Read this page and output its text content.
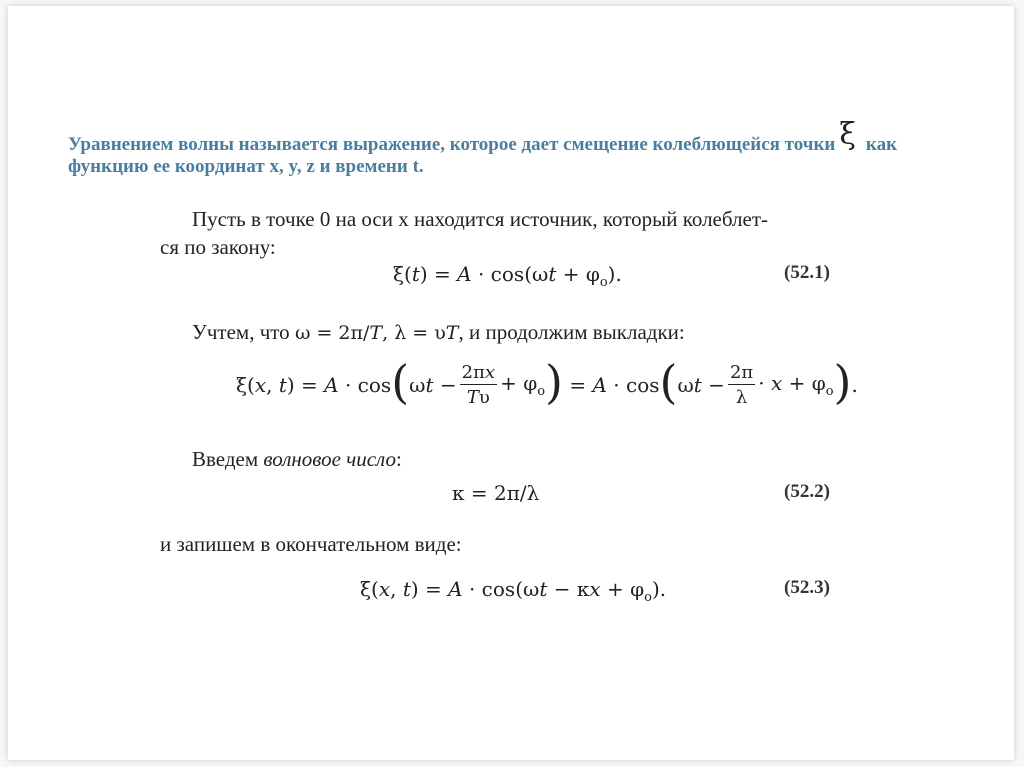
Уравнением волны называется выражение, которое дает смещение колеблющейся точки ξ как
функцию ее координат x, y, z и времени t.
Пусть в точке 0 на оси x находится источник, который колеблет-
ся по закону:
$\xi(t) = A \cdot \cos(\omega t + \varphi_o)$.	(52.1)
Учтем, что ω = 2π/T, λ = υT, и продолжим выкладки:
ξ(x, $t) = A \cdot \cos(\omega t - \frac{2\pi x}{T\upsilon} + \varphi_o) = A \cdot \cos(\omega t - \frac{2\pi}{\lambda} \cdot x + \varphi_o)$.
Введем волновое число:
κ = 2π/λ	(52.2)
и запишем в окончательном виде:
ξ(x, $t) = A \cdot \cos(\omega t - \kappa x + \varphi_o)$.	(52.3)
